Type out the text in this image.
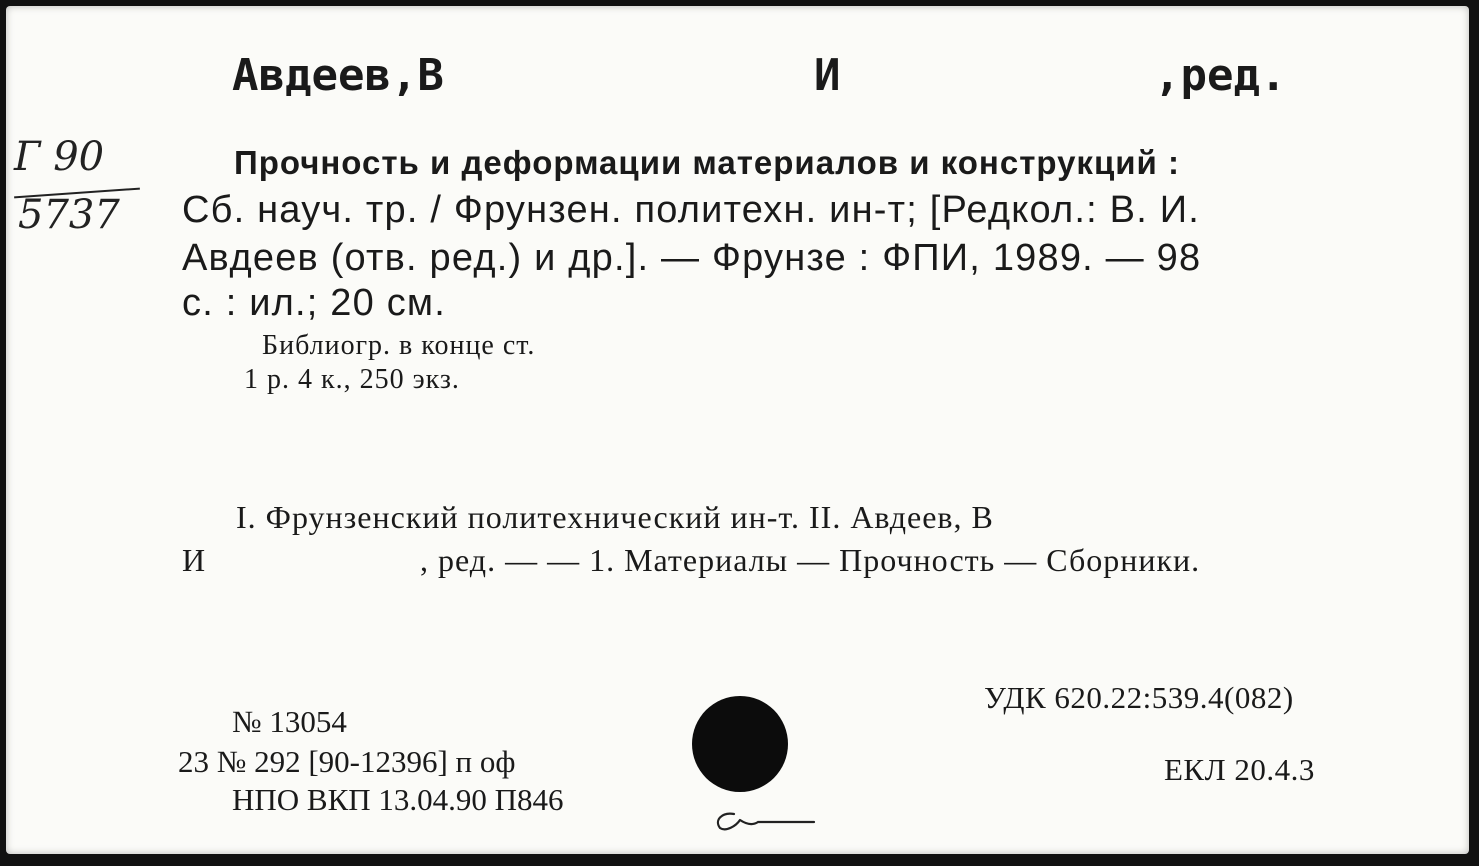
Авдеев,В	И	,ред.
Г 90
5737
Прочность и деформации материалов и конструкций :
Сб. науч. тр. / Фрунзен. политехн. ин-т; [Редкол.: В. И.
Авдеев (отв. ред.) и др.]. — Фрунзе : ФПИ, 1989. — 98
с. : ил.; 20 см.
Библиогр. в конце ст.
1 р. 4 к., 250 экз.
I. Фрунзенский политехнический ин-т. II. Авдеев, В
И	, ред. — — 1. Материалы — Прочность — Сборники.
№ 13054
23 № 292 [90-12396] п оф
НПО ВКП 13.04.90 П846
УДК 620.22:539.4(082)
ЕКЛ 20.4.3
